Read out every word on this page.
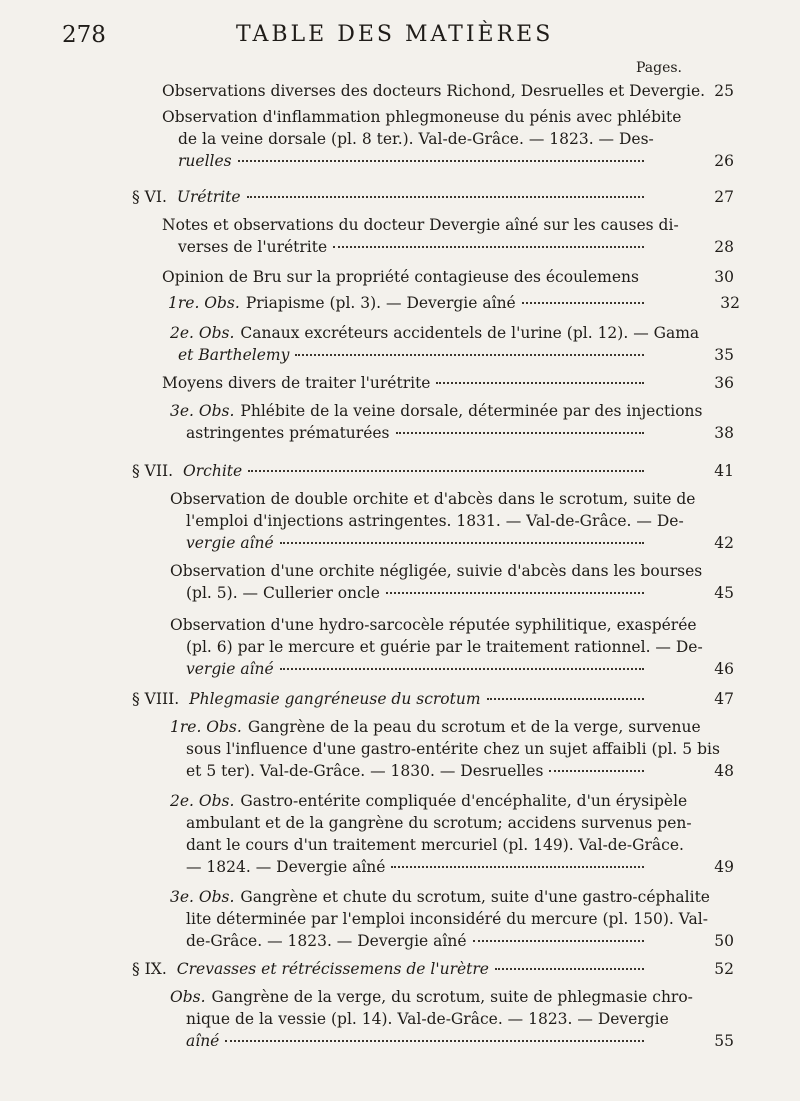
278	TABLE DES MATIÈRES
Pages.
Observations diverses des docteurs Richond, Desruelles et Devergie. 25
Observation d'inflammation phlegmoneuse du pénis avec phlébite
de la veine dorsale (pl. 8 ter.). Val-de-Grâce. — 1823. — Des-
ruelles	26
§ VI. Urétrite	27
Notes et observations du docteur Devergie aîné sur les causes di-
verses de l'urétrite	28
Opinion de Bru sur la propriété contagieuse des écoulemens	30
1re. Obs. Priapisme (pl. 3). — Devergie aîné	32
2e. Obs. Canaux excréteurs accidentels de l'urine (pl. 12). — Gama
et Barthelemy	35
Moyens divers de traiter l'urétrite	36
3e. Obs. Phlébite de la veine dorsale, déterminée par des injections
astringentes prématurées	38
§ VII. Orchite	41
Observation de double orchite et d'abcès dans le scrotum, suite de
l'emploi d'injections astringentes. 1831. — Val-de-Grâce. — De-
vergie aîné	42
Observation d'une orchite négligée, suivie d'abcès dans les bourses
(pl. 5). — Cullerier oncle	45
Observation d'une hydro-sarcocèle réputée syphilitique, exaspérée
(pl. 6) par le mercure et guérie par le traitement rationnel. — De-
vergie aîné	46
§ VIII. Phlegmasie gangréneuse du scrotum	47
1re. Obs. Gangrène de la peau du scrotum et de la verge, survenue
sous l'influence d'une gastro-entérite chez un sujet affaibli (pl. 5 bis
et 5 ter). Val-de-Grâce. — 1830. — Desruelles	48
2e. Obs. Gastro-entérite compliquée d'encéphalite, d'un érysipèle
ambulant et de la gangrène du scrotum; accidens survenus pen-
dant le cours d'un traitement mercuriel (pl. 149). Val-de-Grâce.
— 1824. — Devergie aîné	49
3e. Obs. Gangrène et chute du scrotum, suite d'une gastro-céphalite
lite déterminée par l'emploi inconsidéré du mercure (pl. 150). Val-
de-Grâce. — 1823. — Devergie aîné	50
§ IX. Crevasses et rétrécissemens de l'urètre	52
Obs. Gangrène de la verge, du scrotum, suite de phlegmasie chro-
nique de la vessie (pl. 14). Val-de-Grâce. — 1823. — Devergie
aîné	55
